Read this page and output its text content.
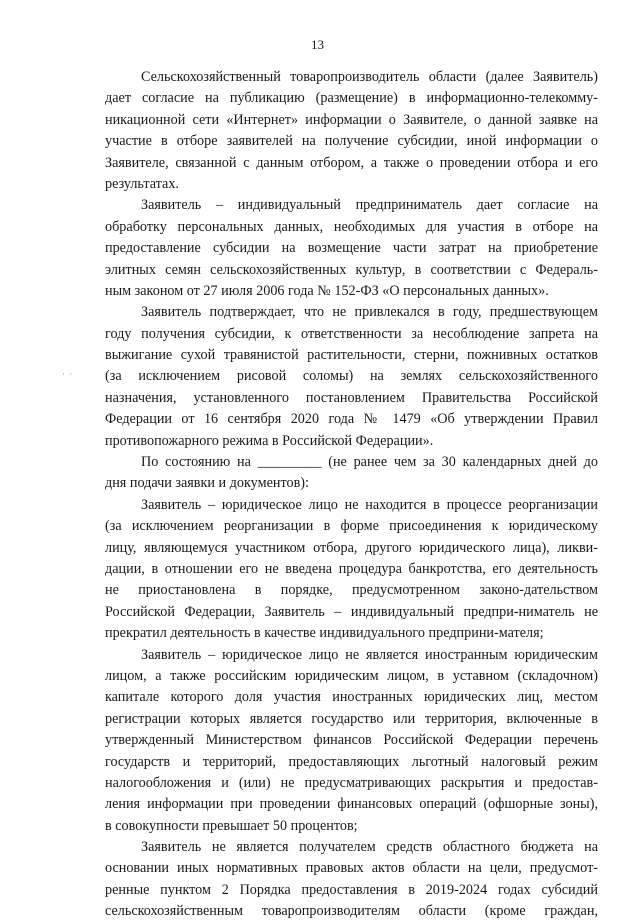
13
· ·
Сельскохозяйственный товаропроизводитель области (далее Заявитель)
дает согласие на публикацию (размещение) в информационно-телекомму-
никационной сети «Интернет» информации о Заявителе, о данной заявке на
участие в отборе заявителей на получение субсидии, иной информации о
Заявителе, связанной с данным отбором, а также о проведении отбора и его
результатах.
Заявитель – индивидуальный предприниматель дает согласие на
обработку персональных данных, необходимых для участия в отборе на
предоставление субсидии на возмещение части затрат на приобретение
элитных семян сельскохозяйственных культур, в соответствии с Федераль-
ным законом от 27 июля 2006 года № 152-ФЗ «О персональных данных».
Заявитель подтверждает, что не привлекался в году, предшествующем
году получения субсидии, к ответственности за несоблюдение запрета на
выжигание сухой травянистой растительности, стерни, пожнивных остатков
(за исключением рисовой соломы) на землях сельскохозяйственного
назначения, установленного постановлением Правительства Российской
Федерации от 16 сентября 2020 года № 1479 «Об утверждении Правил
противопожарного режима в Российской Федерации».
По состоянию на _________ (не ранее чем за 30 календарных дней до
дня подачи заявки и документов):
Заявитель – юридическое лицо не находится в процессе реорганизации
(за исключением реорганизации в форме присоединения к юридическому
лицу, являющемуся участником отбора, другого юридического лица), ликви-
дации, в отношении его не введена процедура банкротства, его деятельность
не приостановлена в порядке, предусмотренном законо-дательством
Российской Федерации, Заявитель – индивидуальный предпри-ниматель не
прекратил деятельность в качестве индивидуального предприни-мателя;
Заявитель – юридическое лицо не является иностранным юридическим
лицом, а также российским юридическим лицом, в уставном (складочном)
капитале которого доля участия иностранных юридических лиц, местом
регистрации которых является государство или территория, включенные в
утвержденный Министерством финансов Российской Федерации перечень
государств и территорий, предоставляющих льготный налоговый режим
налогообложения и (или) не предусматривающих раскрытия и предостав-
ления информации при проведении финансовых операций (офшорные зоны),
в совокупности превышает 50 процентов;
Заявитель не является получателем средств областного бюджета на
основании иных нормативных правовых актов области на цели, предусмот-
ренные пунктом 2 Порядка предоставления в 2019-2024 годах субсидий
сельскохозяйственным товаропроизводителям области (кроме граждан,
